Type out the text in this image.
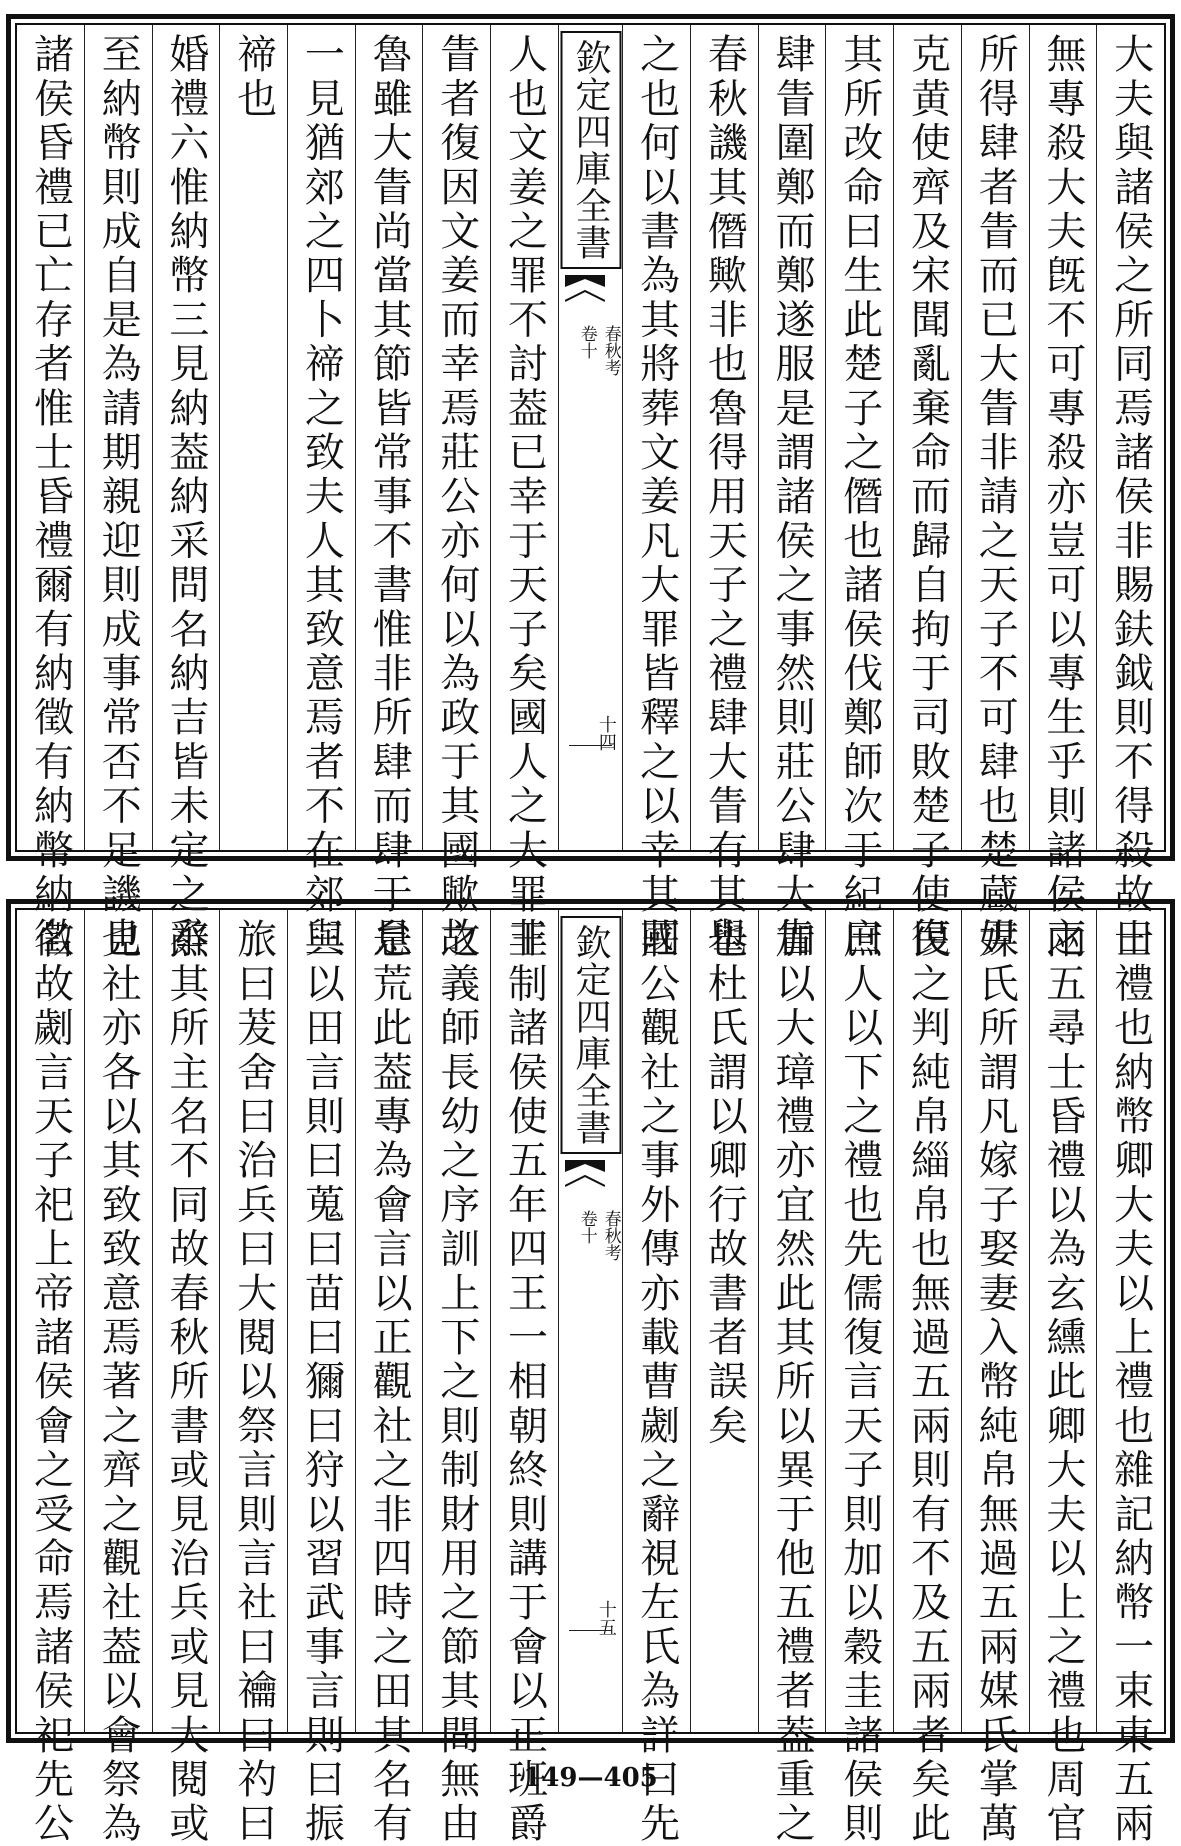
大夫與諸侯之所同焉諸侯非賜鈇鉞則不得殺故曰
無專殺大夫旣不可專殺亦豈可以專生乎則諸侯之
所得肆者眚而已大眚非請之天子不可肆也楚蔵尹
克黄使齊及宋聞亂棄命而歸自拘于司敗楚子使復
其所改命曰生此楚子之僭也諸侯伐鄭師次于紀曰
肆眚圍鄭而鄭遂服是謂諸侯之事然則莊公肆大眚
春秋譏其僭歟非也魯得用天子之禮肆大眚有其舉
之也何以書為其將葬文姜凡大罪皆釋之以幸其國
欽定四庫全書
春秋考
卷十
十四
人也文姜之罪不討葢已幸于天子矣國人之大罪非
眚者復因文姜而幸焉莊公亦何以為政于其國歟故
魯雖大眚尚當其節皆常事不書惟非所肆而肆于是
一見猶郊之四卜禘之致夫人其致意焉者不在郊與
禘也
婚禮六惟納幣三見納葢納采問名納吉皆未定之辭
至納幣則成自是為請期親迎則成事常否不足譏也
諸侯昏禮已亡存者惟士昏禮爾有納徵有納幣納徵
士禮也納幣卿大夫以上禮也雜記納幣一束束五兩
兩五尋士昏禮以為玄纁此卿大夫以上之禮也周官
媒氏所謂凡嫁子娶妻入幣純帛無過五兩媒氏掌萬
民之判純帛緇帛也無過五兩則有不及五兩者矣此
庶人以下之禮也先儒復言天子則加以穀圭諸侯則
加以大璋禮亦宜然此其所以異于他五禮者葢重之
也杜氏謂以卿行故書者誤矣
莊公觀社之事外傳亦載曹劌之辭視左氏為詳曰先
欽定四庫全書
春秋考
卷十
十五
王制諸侯使五年四王一相朝終則講于會以正班爵
之義師長幼之序訓上下之則制財用之節其間無由
怠荒此葢專為會言以正觀社之非四時之田其名有
三以田言則曰蒐曰苗曰獮曰狩以習武事言則曰振
旅曰茇舍曰治兵曰大閱以祭言則言社曰禴曰礿曰
烝其所主名不同故春秋所書或見治兵或見大閱或
見社亦各以其致致意焉著之齊之觀社葢以會祭為
名故劌言天子祀上帝諸侯會之受命焉諸侯祀先公	149—405
